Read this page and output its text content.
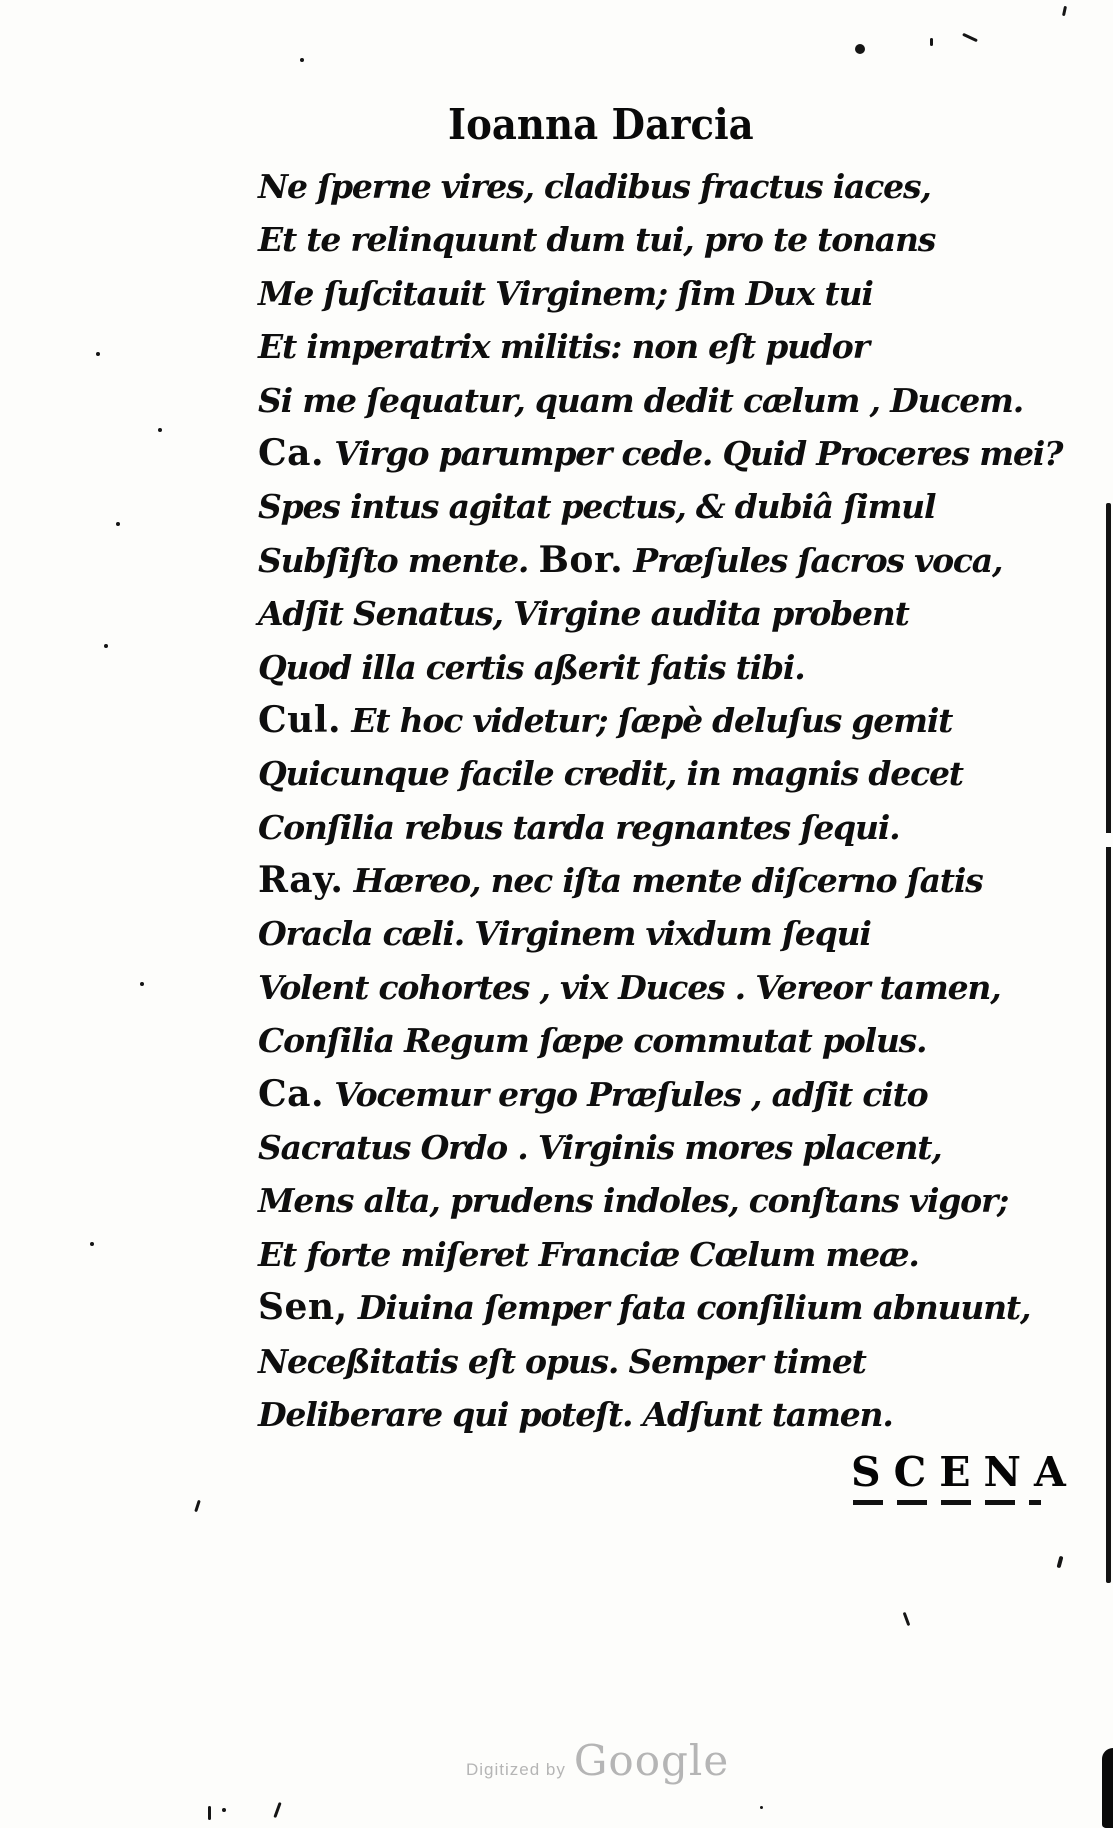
Ioanna Darcia
Ne ſperne vires, cladibus fractus iaces,
Et te relinquunt dum tui, pro te tonans
Me ſuſcitauit Virginem; ſim Dux tui
Et imperatrix militis: non eſt pudor
Si me ſequatur, quam dedit cælum , Ducem.
Ca. Virgo parumper cede. Quid Proceres mei?
Spes intus agitat pectus, & dubiâ ſimul
Subſiſto mente. Bor. Præſules ſacros voca,
Adſit Senatus, Virgine audita probent
Quod illa certis aßerit fatis tibi.
Cul. Et hoc videtur; ſæpè deluſus gemit
Quicunque facile credit, in magnis decet
Conſilia rebus tarda regnantes ſequi.
Ray. Hæreo, nec iſta mente diſcerno ſatis
Oracla cæli. Virginem vixdum ſequi
Volent cohortes , vix Duces . Vereor tamen,
Conſilia Regum ſæpe commutat polus.
Ca. Vocemur ergo Præſules , adſit cito
Sacratus Ordo . Virginis mores placent,
Mens alta, prudens indoles, conſtans vigor;
Et forte miſeret Franciæ Cœlum meæ.
Sen, Diuina ſemper fata conſilium abnuunt,
Neceßitatis eſt opus. Semper timet
Deliberare qui poteſt. Adſunt tamen.
SCENA
Digitized by Google
